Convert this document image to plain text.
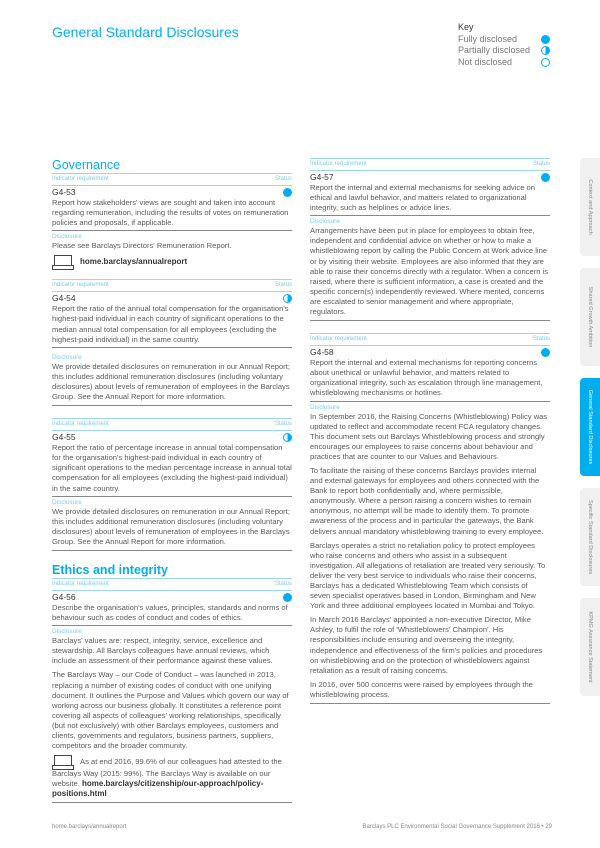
General Standard Disclosures	Key
Fully disclosed
Partially disclosed
Not disclosed
Governance
Indicator requirement	Status
G4-53
Report how stakeholders' views are sought and taken into account regarding remuneration, including the results of votes on remuneration policies and proposals, if applicable.
Disclosure
Please see Barclays Directors' Remuneration Report.
home.barclays/annualreport
Indicator requirement	Status
G4-54
Report the ratio of the annual total compensation for the organisation's highest-paid individual in each country of significant operations to the median annual total compensation for all employees (excluding the highest-paid individual) in the same country.
Disclosure
We provide detailed disclosures on remuneration in our Annual Report; this includes additional remuneration disclosures (including voluntary disclosures) about levels of remuneration of employees in the Barclays Group. See the Annual Report for more information.
Indicator requirement	Status
G4-55
Report the ratio of percentage increase in annual total compensation for the organisation's highest-paid individual in each country of significant operations to the median percentage increase in annual total compensation for all employees (excluding the highest-paid individual) in the same country.
Disclosure
We provide detailed disclosures on remuneration in our Annual Report; this includes additional remuneration disclosures (including voluntary disclosures) about levels of remuneration of employees in the Barclays Group. See the Annual Report for more information.
Ethics and integrity
Indicator requirement	Status
G4-56
Describe the organisation's values, principles, standards and norms of behaviour such as codes of conduct and codes of ethics.
Disclosure

Barclays' values are: respect, integrity, service, excellence and stewardship. All Barclays colleagues have annual reviews, which include an assessment of their performance against these values.

The Barclays Way – our Code of Conduct – was launched in 2013, replacing a number of existing codes of conduct with one unifying document. It outlines the Purpose and Values which govern our way of working across our business globally. It constitutes a reference point covering all aspects of colleagues' working relationships, specifically (but not exclusively) with other Barclays employees, customers and clients, governments and regulators, business partners, suppliers, competitors and the broader community.

As at end 2016, 99.6% of our colleagues had attested to the Barclays Way (2015: 99%). The Barclays Way is available on our website. home.barclays/citizenship/our-approach/policy-positions.html

Indicator requirement	Status
G4-57
Report the internal and external mechanisms for seeking advice on ethical and lawful behavior, and matters related to organizational integrity, such as helplines or advice lines.
Disclosure
Arrangements have been put in place for employees to obtain free, independent and confidential advice on whether or how to make a whistleblowing report by calling the Public Concern at Work advice line or by visiting their website. Employees are also informed that they are able to raise their concerns directly with a regulator. When a concern is raised, where there is sufficient information, a case is created and the specific concern(s) independently reviewed. Where merited, concerns are escalated to senior management and where appropriate, regulators.
Indicator requirement	Status
G4-58
Report the internal and external mechanisms for reporting concerns about unethical or unlawful behavior, and matters related to organizational integrity, such as escalation through line management, whistleblowing mechanisms or hotlines.
Disclosure

In September 2016, the Raising Concerns (Whistleblowing) Policy was updated to reflect and accommodate recent FCA regulatory changes. This document sets out Barclays Whistleblowing process and strongly encourages our employees to raise concerns about behaviour and practices that are counter to our Values and Behaviours.

To facilitate the raising of these concerns Barclays provides internal and external gateways for employees and others connected with the Bank to report both confidentially and, where permissible, anonymously. Where a person raising a concern wishes to remain anonymous, no attempt will be made to identify them. To promote awareness of the process and in particular the gateways, the Bank delivers annual mandatory whistleblowing training to every employee.

Barclays operates a strict no retaliation policy to protect employees who raise concerns and others who assist in a subsequent investigation. All allegations of retaliation are treated very seriously. To deliver the very best service to individuals who raise their concerns, Barclays has a dedicated Whistleblowing Team which consists of seven specialist operatives based in London, Birmingham and New York and three additional employees located in Mumbai and Tokyo.

In March 2016 Barclays' appointed a non-executive Director, Mike Ashley, to fulfil the role of 'Whistleblowers' Champion'. His responsibilities include ensuring and overseeing the integrity, independence and effectiveness of the firm's policies and procedures on whistleblowing and on the protection of whistleblowers against retaliation as a result of raising concerns.

In 2016, over 500 concerns were raised by employees through the whistleblowing process.

Context and Approach
Shared Growth Ambition
General Standard Disclosures
Specific Standard Disclosures
KPMG Assurance Statement
home.barclays/annualreport	Barclays PLC Environmental Social Governance Supplement 2016 • 29
